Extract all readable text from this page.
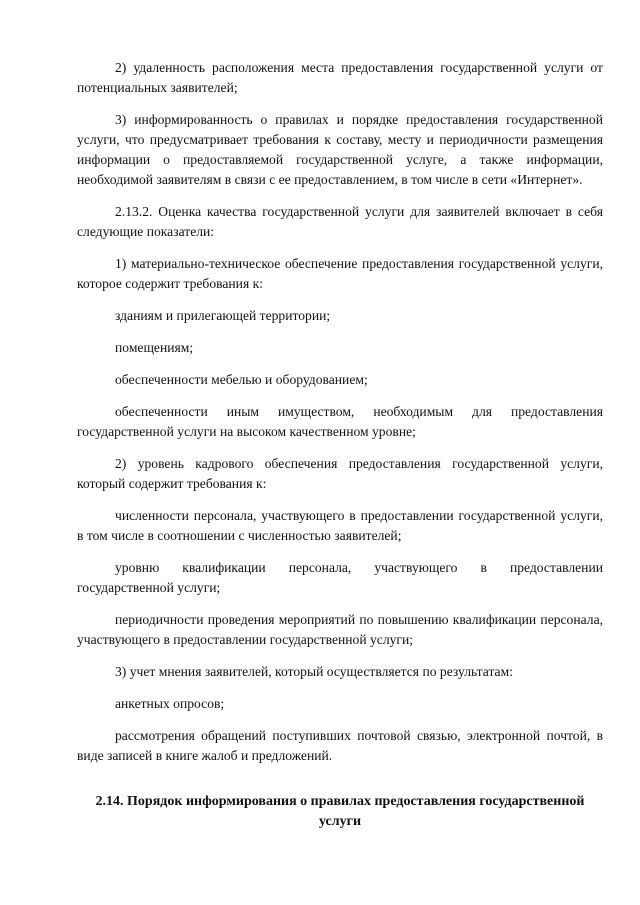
2) удаленность расположения места предоставления государственной услуги от потенциальных заявителей;

3) информированность о правилах и порядке предоставления государственной услуги, что предусматривает требования к составу, месту и периодичности размещения информации о предоставляемой государственной услуге, а также информации, необходимой заявителям в связи с ее предоставлением, в том числе в сети «Интернет».

2.13.2. Оценка качества государственной услуги для заявителей включает в себя следующие показатели:

1) материально-техническое обеспечение предоставления государственной услуги, которое содержит требования к:

зданиям и прилегающей территории;

помещениям;

обеспеченности мебелью и оборудованием;

обеспеченности иным имуществом, необходимым для предоставления государственной услуги на высоком качественном уровне;

2) уровень кадрового обеспечения предоставления государственной услуги, который содержит требования к:

численности персонала, участвующего в предоставлении государственной услуги, в том числе в соотношении с численностью заявителей;

уровню квалификации персонала, участвующего в предоставлении государственной услуги;

периодичности проведения мероприятий по повышению квалификации персонала, участвующего в предоставлении государственной услуги;

3) учет мнения заявителей, который осуществляется по результатам:

анкетных опросов;

рассмотрения обращений поступивших почтовой связью, электронной почтой, в виде записей в книге жалоб и предложений.

2.14. Порядок информирования о правилах предоставления государственной услуги
